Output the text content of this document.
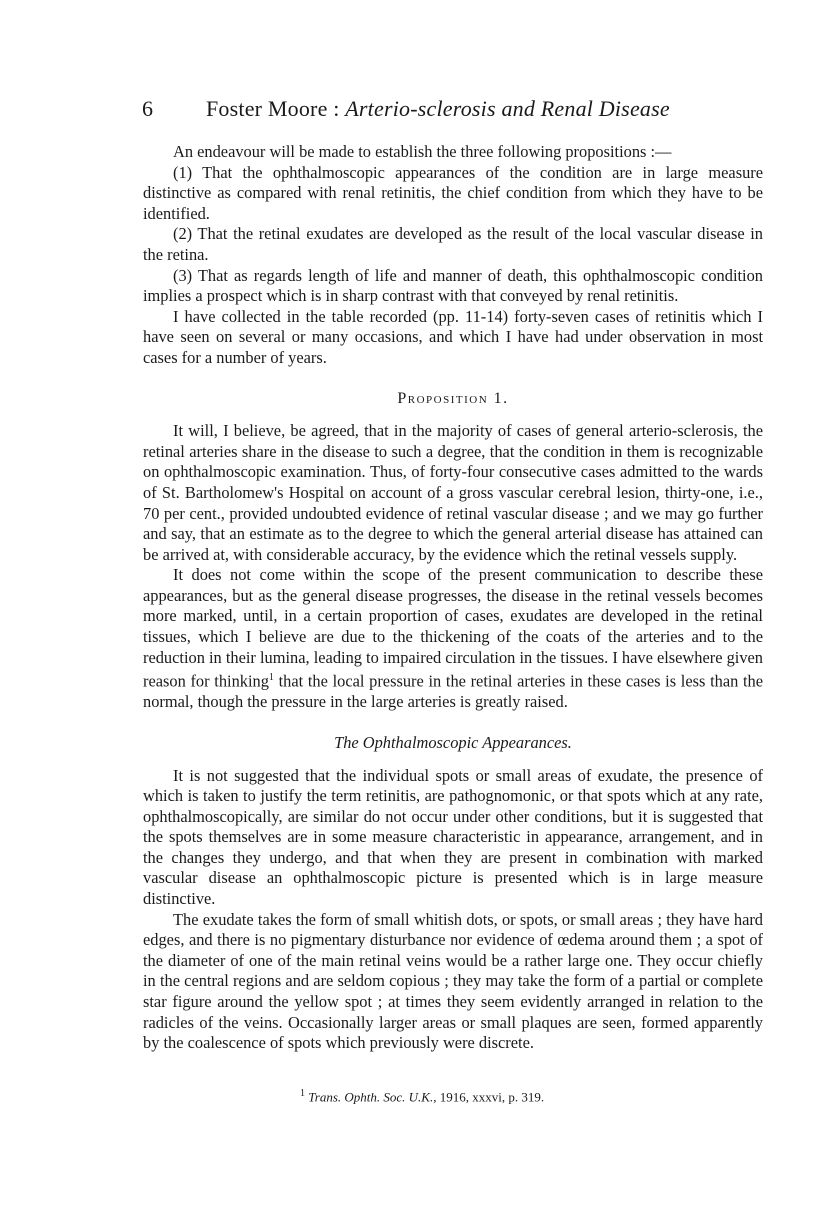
6 Foster Moore : Arterio-sclerosis and Renal Disease

An endeavour will be made to establish the three following propositions :—

(1) That the ophthalmoscopic appearances of the condition are in large measure distinctive as compared with renal retinitis, the chief condition from which they have to be identified.

(2) That the retinal exudates are developed as the result of the local vascular disease in the retina.

(3) That as regards length of life and manner of death, this ophthalmoscopic condition implies a prospect which is in sharp contrast with that conveyed by renal retinitis.

I have collected in the table recorded (pp. 11-14) forty-seven cases of retinitis which I have seen on several or many occasions, and which I have had under observation in most cases for a number of years.

Proposition 1.

It will, I believe, be agreed, that in the majority of cases of general arterio-sclerosis, the retinal arteries share in the disease to such a degree, that the condition in them is recognizable on ophthalmoscopic examination. Thus, of forty-four consecutive cases admitted to the wards of St. Bartholomew's Hospital on account of a gross vascular cerebral lesion, thirty-one, i.e., 70 per cent., provided undoubted evidence of retinal vascular disease ; and we may go further and say, that an estimate as to the degree to which the general arterial disease has attained can be arrived at, with considerable accuracy, by the evidence which the retinal vessels supply.

It does not come within the scope of the present communication to describe these appearances, but as the general disease progresses, the disease in the retinal vessels becomes more marked, until, in a certain proportion of cases, exudates are developed in the retinal tissues, which I believe are due to the thickening of the coats of the arteries and to the reduction in their lumina, leading to impaired circulation in the tissues. I have elsewhere given reason for thinking$^1$ that the local pressure in the retinal arteries in these cases is less than the normal, though the pressure in the large arteries is greatly raised.

The Ophthalmoscopic Appearances.

It is not suggested that the individual spots or small areas of exudate, the presence of which is taken to justify the term retinitis, are pathognomonic, or that spots which at any rate, ophthalmoscopically, are similar do not occur under other conditions, but it is suggested that the spots themselves are in some measure characteristic in appearance, arrangement, and in the changes they undergo, and that when they are present in combination with marked vascular disease an ophthalmoscopic picture is presented which is in large measure distinctive.

The exudate takes the form of small whitish dots, or spots, or small areas ; they have hard edges, and there is no pigmentary disturbance nor evidence of œdema around them ; a spot of the diameter of one of the main retinal veins would be a rather large one. They occur chiefly in the central regions and are seldom copious ; they may take the form of a partial or complete star figure around the yellow spot ; at times they seem evidently arranged in relation to the radicles of the veins. Occasionally larger areas or small plaques are seen, formed apparently by the coalescence of spots which previously were discrete.

$^1$ Trans. Ophth. Soc. U.K., 1916, xxxvi, p. 319.
